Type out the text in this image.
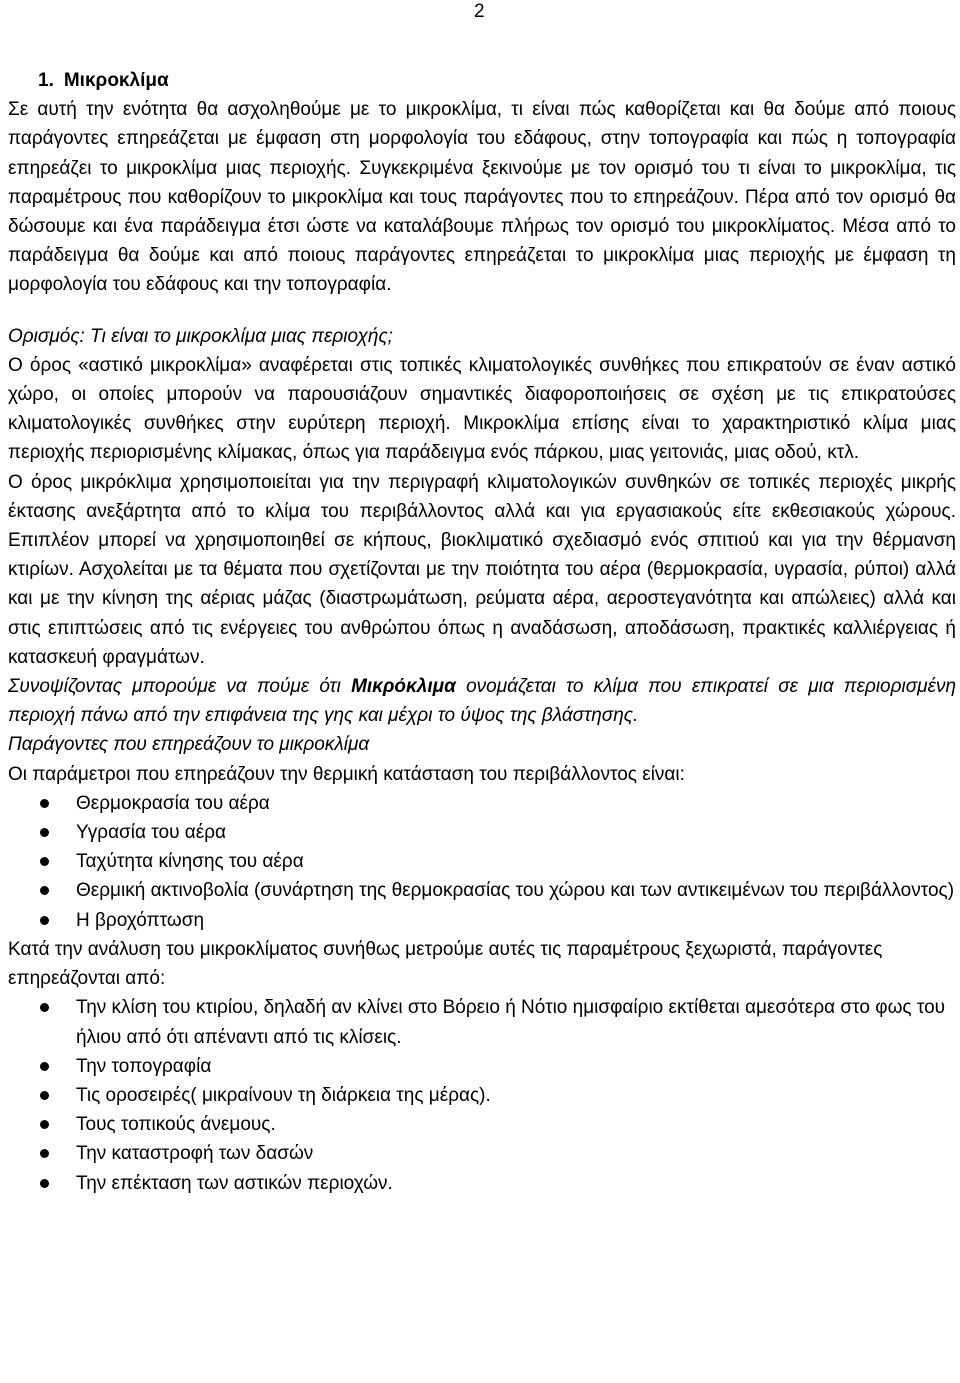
2
1. Μικροκλίμα

Σε αυτή την ενότητα θα ασχοληθούμε με το μικροκλίμα, τι είναι πώς καθορίζεται και θα δούμε από ποιους παράγοντες επηρεάζεται με έμφαση στη μορφολογία του εδάφους, στην τοπογραφία και πώς η τοπογραφία επηρεάζει το μικροκλίμα μιας περιοχής. Συγκεκριμένα ξεκινούμε με τον ορισμό του τι είναι το μικροκλίμα, τις παραμέτρους που καθορίζουν το μικροκλίμα και τους παράγοντες που το επηρεάζουν. Πέρα από τον ορισμό θα δώσουμε και ένα παράδειγμα έτσι ώστε να καταλάβουμε πλήρως τον ορισμό του μικροκλίματος. Μέσα από το παράδειγμα θα δούμε και από ποιους παράγοντες επηρεάζεται το μικροκλίμα μιας περιοχής με έμφαση τη μορφολογία του εδάφους και την τοπογραφία.

Ορισμός: Τι είναι το μικροκλίμα μιας περιοχής;

Ο όρος «αστικό μικροκλίμα» αναφέρεται στις τοπικές κλιματολογικές συνθήκες που επικρατούν σε έναν αστικό χώρο, οι οποίες μπορούν να παρουσιάζουν σημαντικές διαφοροποιήσεις σε σχέση με τις επικρατούσες κλιματολογικές συνθήκες στην ευρύτερη περιοχή. Μικροκλίμα επίσης είναι το χαρακτηριστικό κλίμα μιας περιοχής περιορισμένης κλίμακας, όπως για παράδειγμα ενός πάρκου, μιας γειτονιάς, μιας οδού, κτλ.

Ο όρος μικρόκλιμα χρησιμοποιείται για την περιγραφή κλιματολογικών συνθηκών σε τοπικές περιοχές μικρής έκτασης ανεξάρτητα από το κλίμα του περιβάλλοντος αλλά και για εργασιακούς είτε εκθεσιακούς χώρους. Επιπλέον μπορεί να χρησιμοποιηθεί σε κήπους, βιοκλιματικό σχεδιασμό ενός σπιτιού και για την θέρμανση κτιρίων. Ασχολείται με τα θέματα που σχετίζονται με την ποιότητα του αέρα (θερμοκρασία, υγρασία, ρύποι) αλλά και με την κίνηση της αέριας μάζας (διαστρωμάτωση, ρεύματα αέρα, αεροστεγανότητα και απώλειες) αλλά και στις επιπτώσεις από τις ενέργειες του ανθρώπου όπως η αναδάσωση, αποδάσωση, πρακτικές καλλιέργειας ή κατασκευή φραγμάτων.

Συνοψίζοντας μπορούμε να πούμε ότι Μικρόκλιμα ονομάζεται το κλίμα που επικρατεί σε μια περιορισμένη περιοχή πάνω από την επιφάνεια της γης και μέχρι το ύψος της βλάστησης.

Παράγοντες που επηρεάζουν το μικροκλίμα

Οι παράμετροι που επηρεάζουν την θερμική κατάσταση του περιβάλλοντος είναι:

Θερμοκρασία του αέρα
Υγρασία του αέρα
Ταχύτητα κίνησης του αέρα
Θερμική ακτινοβολία (συνάρτηση της θερμοκρασίας του χώρου και των αντικειμένων του περιβάλλοντος)
Η βροχόπτωση

Κατά την ανάλυση του μικροκλίματος συνήθως μετρούμε αυτές τις παραμέτρους ξεχωριστά, παράγοντες επηρεάζονται από:

Την κλίση του κτιρίου, δηλαδή αν κλίνει στο Βόρειο ή Νότιο ημισφαίριο εκτίθεται αμεσότερα στο φως του ήλιου από ότι απέναντι από τις κλίσεις.
Την τοπογραφία
Τις οροσειρές( μικραίνουν τη διάρκεια της μέρας).
Τους τοπικούς άνεμους.
Την καταστροφή των δασών
Την επέκταση των αστικών περιοχών.
